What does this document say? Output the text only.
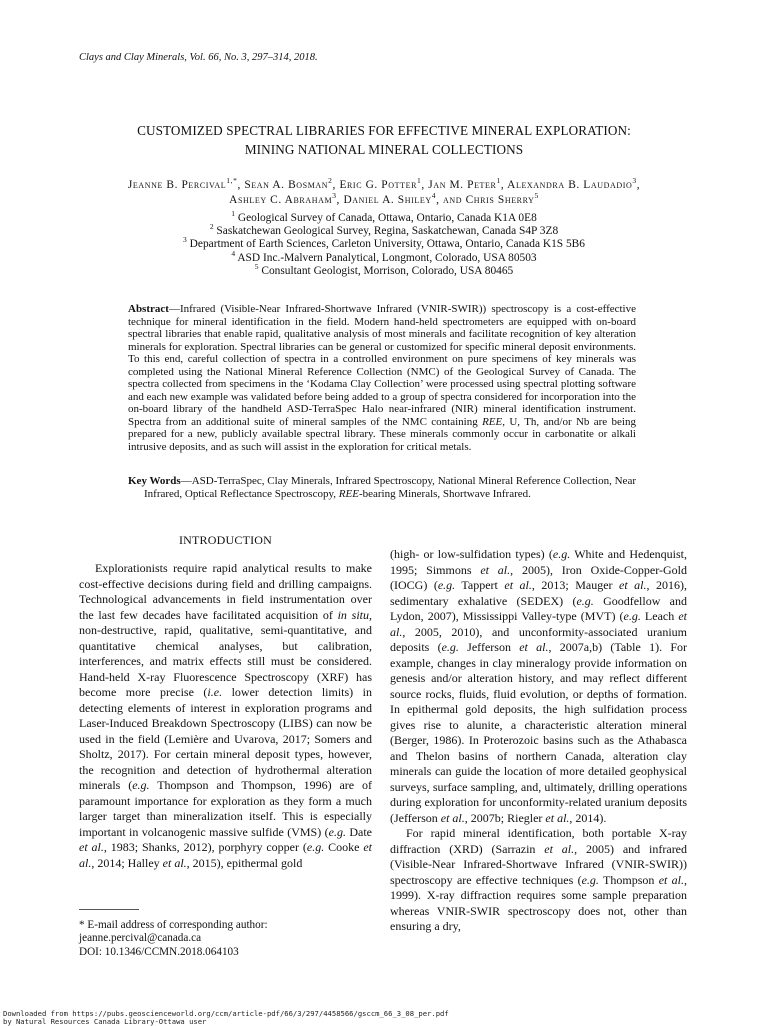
Clays and Clay Minerals, Vol. 66, No. 3, 297–314, 2018.
CUSTOMIZED SPECTRAL LIBRARIES FOR EFFECTIVE MINERAL EXPLORATION:
MINING NATIONAL MINERAL COLLECTIONS
Jeanne B. Percival$^{1,*}$, Sean A. Bosman$^2$, Eric G. Potter$^1$, Jan M. Peter$^1$, Alexandra B. Laudadio$^3$,
Ashley C. Abraham$^3$, Daniel A. Shiley$^4$, and Chris Sherry$^5$
$^1$ Geological Survey of Canada, Ottawa, Ontario, Canada K1A 0E8
$^2$ Saskatchewan Geological Survey, Regina, Saskatchewan, Canada S4P 3Z8
$^3$ Department of Earth Sciences, Carleton University, Ottawa, Ontario, Canada K1S 5B6
$^4$ ASD Inc.-Malvern Panalytical, Longmont, Colorado, USA 80503
$^5$ Consultant Geologist, Morrison, Colorado, USA 80465
Abstract—Infrared (Visible-Near Infrared-Shortwave Infrared (VNIR-SWIR)) spectroscopy is a cost-effective technique for mineral identification in the field. Modern hand-held spectrometers are equipped with on-board spectral libraries that enable rapid, qualitative analysis of most minerals and facilitate recognition of key alteration minerals for exploration. Spectral libraries can be general or customized for specific mineral deposit environments. To this end, careful collection of spectra in a controlled environment on pure specimens of key minerals was completed using the National Mineral Reference Collection (NMC) of the Geological Survey of Canada. The spectra collected from specimens in the ‘Kodama Clay Collection’ were processed using spectral plotting software and each new example was validated before being added to a group of spectra considered for incorporation into the on-board library of the handheld ASD-TerraSpec Halo near-infrared (NIR) mineral identification instrument. Spectra from an additional suite of mineral samples of the NMC containing REE, U, Th, and/or Nb are being prepared for a new, publicly available spectral library. These minerals commonly occur in carbonatite or alkali intrusive deposits, and as such will assist in the exploration for critical metals.
Key Words—ASD-TerraSpec, Clay Minerals, Infrared Spectroscopy, National Mineral Reference Collection, Near Infrared, Optical Reflectance Spectroscopy, REE-bearing Minerals, Shortwave Infrared.
INTRODUCTION

Explorationists require rapid analytical results to make cost-effective decisions during field and drilling campaigns. Technological advancements in field instrumentation over the last few decades have facilitated acquisition of in situ, non-destructive, rapid, qualitative, semi-quantitative, and quantitative chemical analyses, but calibration, interferences, and matrix effects still must be considered. Hand-held X-ray Fluorescence Spectroscopy (XRF) has become more precise (i.e. lower detection limits) in detecting elements of interest in exploration programs and Laser-Induced Breakdown Spectroscopy (LIBS) can now be used in the field (Lemière and Uvarova, 2017; Somers and Sholtz, 2017). For certain mineral deposit types, however, the recognition and detection of hydrothermal alteration minerals (e.g. Thompson and Thompson, 1996) are of paramount importance for exploration as they form a much larger target than mineralization itself. This is especially important in volcanogenic massive sulfide (VMS) (e.g. Date et al., 1983; Shanks, 2012), porphyry copper (e.g. Cooke et al., 2014; Halley et al., 2015), epithermal gold

(high- or low-sulfidation types) (e.g. White and Hedenquist, 1995; Simmons et al., 2005), Iron Oxide-Copper-Gold (IOCG) (e.g. Tappert et al., 2013; Mauger et al., 2016), sedimentary exhalative (SEDEX) (e.g. Goodfellow and Lydon, 2007), Mississippi Valley-type (MVT) (e.g. Leach et al., 2005, 2010), and unconformity-associated uranium deposits (e.g. Jefferson et al., 2007a,b) (Table 1). For example, changes in clay mineralogy provide information on genesis and/or alteration history, and may reflect different source rocks, fluids, fluid evolution, or depths of formation. In epithermal gold deposits, the high sulfidation process gives rise to alunite, a characteristic alteration mineral (Berger, 1986). In Proterozoic basins such as the Athabasca and Thelon basins of northern Canada, alteration clay minerals can guide the location of more detailed geophysical surveys, surface sampling, and, ultimately, drilling operations during exploration for unconformity-related uranium deposits (Jefferson et al., 2007b; Riegler et al., 2014).

For rapid mineral identification, both portable X-ray diffraction (XRD) (Sarrazin et al., 2005) and infrared (Visible-Near Infrared-Shortwave Infrared (VNIR-SWIR)) spectroscopy are effective techniques (e.g. Thompson et al., 1999). X-ray diffraction requires some sample preparation whereas VNIR-SWIR spectroscopy does not, other than ensuring a dry,

* E-mail address of corresponding author:
jeanne.percival@canada.ca
DOI: 10.1346/CCMN.2018.064103
Downloaded from https://pubs.geoscienceworld.org/ccm/article-pdf/66/3/297/4458566/gsccm_66_3_08_per.pdf
by Natural Resources Canada Library-Ottawa user
